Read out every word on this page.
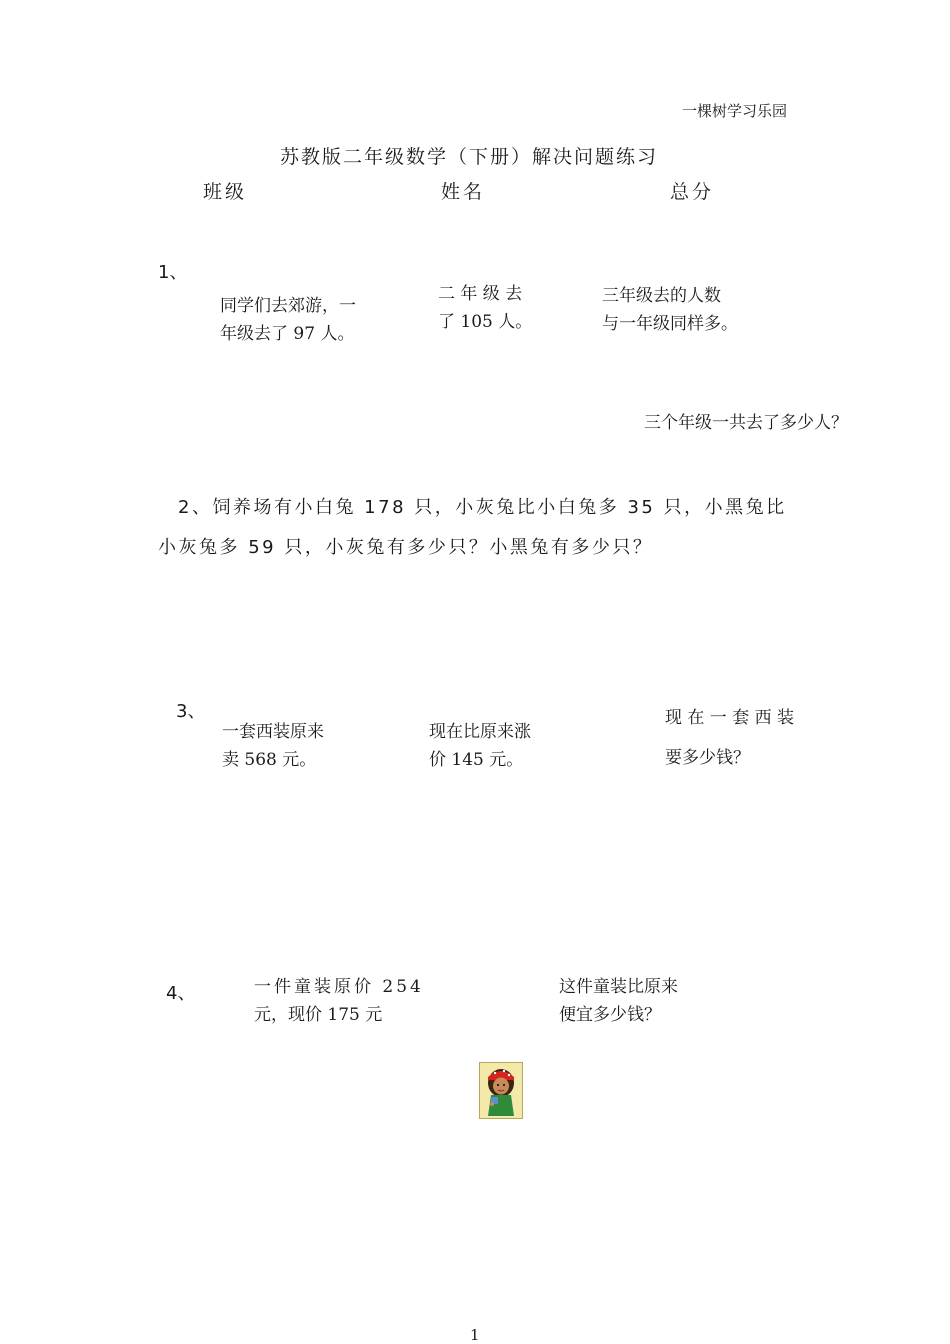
一棵树学习乐园
苏教版二年级数学（下册）解决问题练习
班级	姓名	总分
1、
同学们去郊游，一
年级去了 97 人。
二 年 级 去
了 105 人。
三年级去的人数
与一年级同样多。
三个年级一共去了多少人？
2、饲养场有小白兔 178 只，小灰兔比小白兔多 35 只，小黑兔比
小灰兔多 59 只，小灰兔有多少只？小黑兔有多少只？
3、
一套西装原来
卖 568 元。
现在比原来涨
价 145 元。
现 在 一 套 西 装
要多少钱？
4、	一件童装原价 254
元，现价 175 元
这件童装比原来
便宜多少钱？
1
